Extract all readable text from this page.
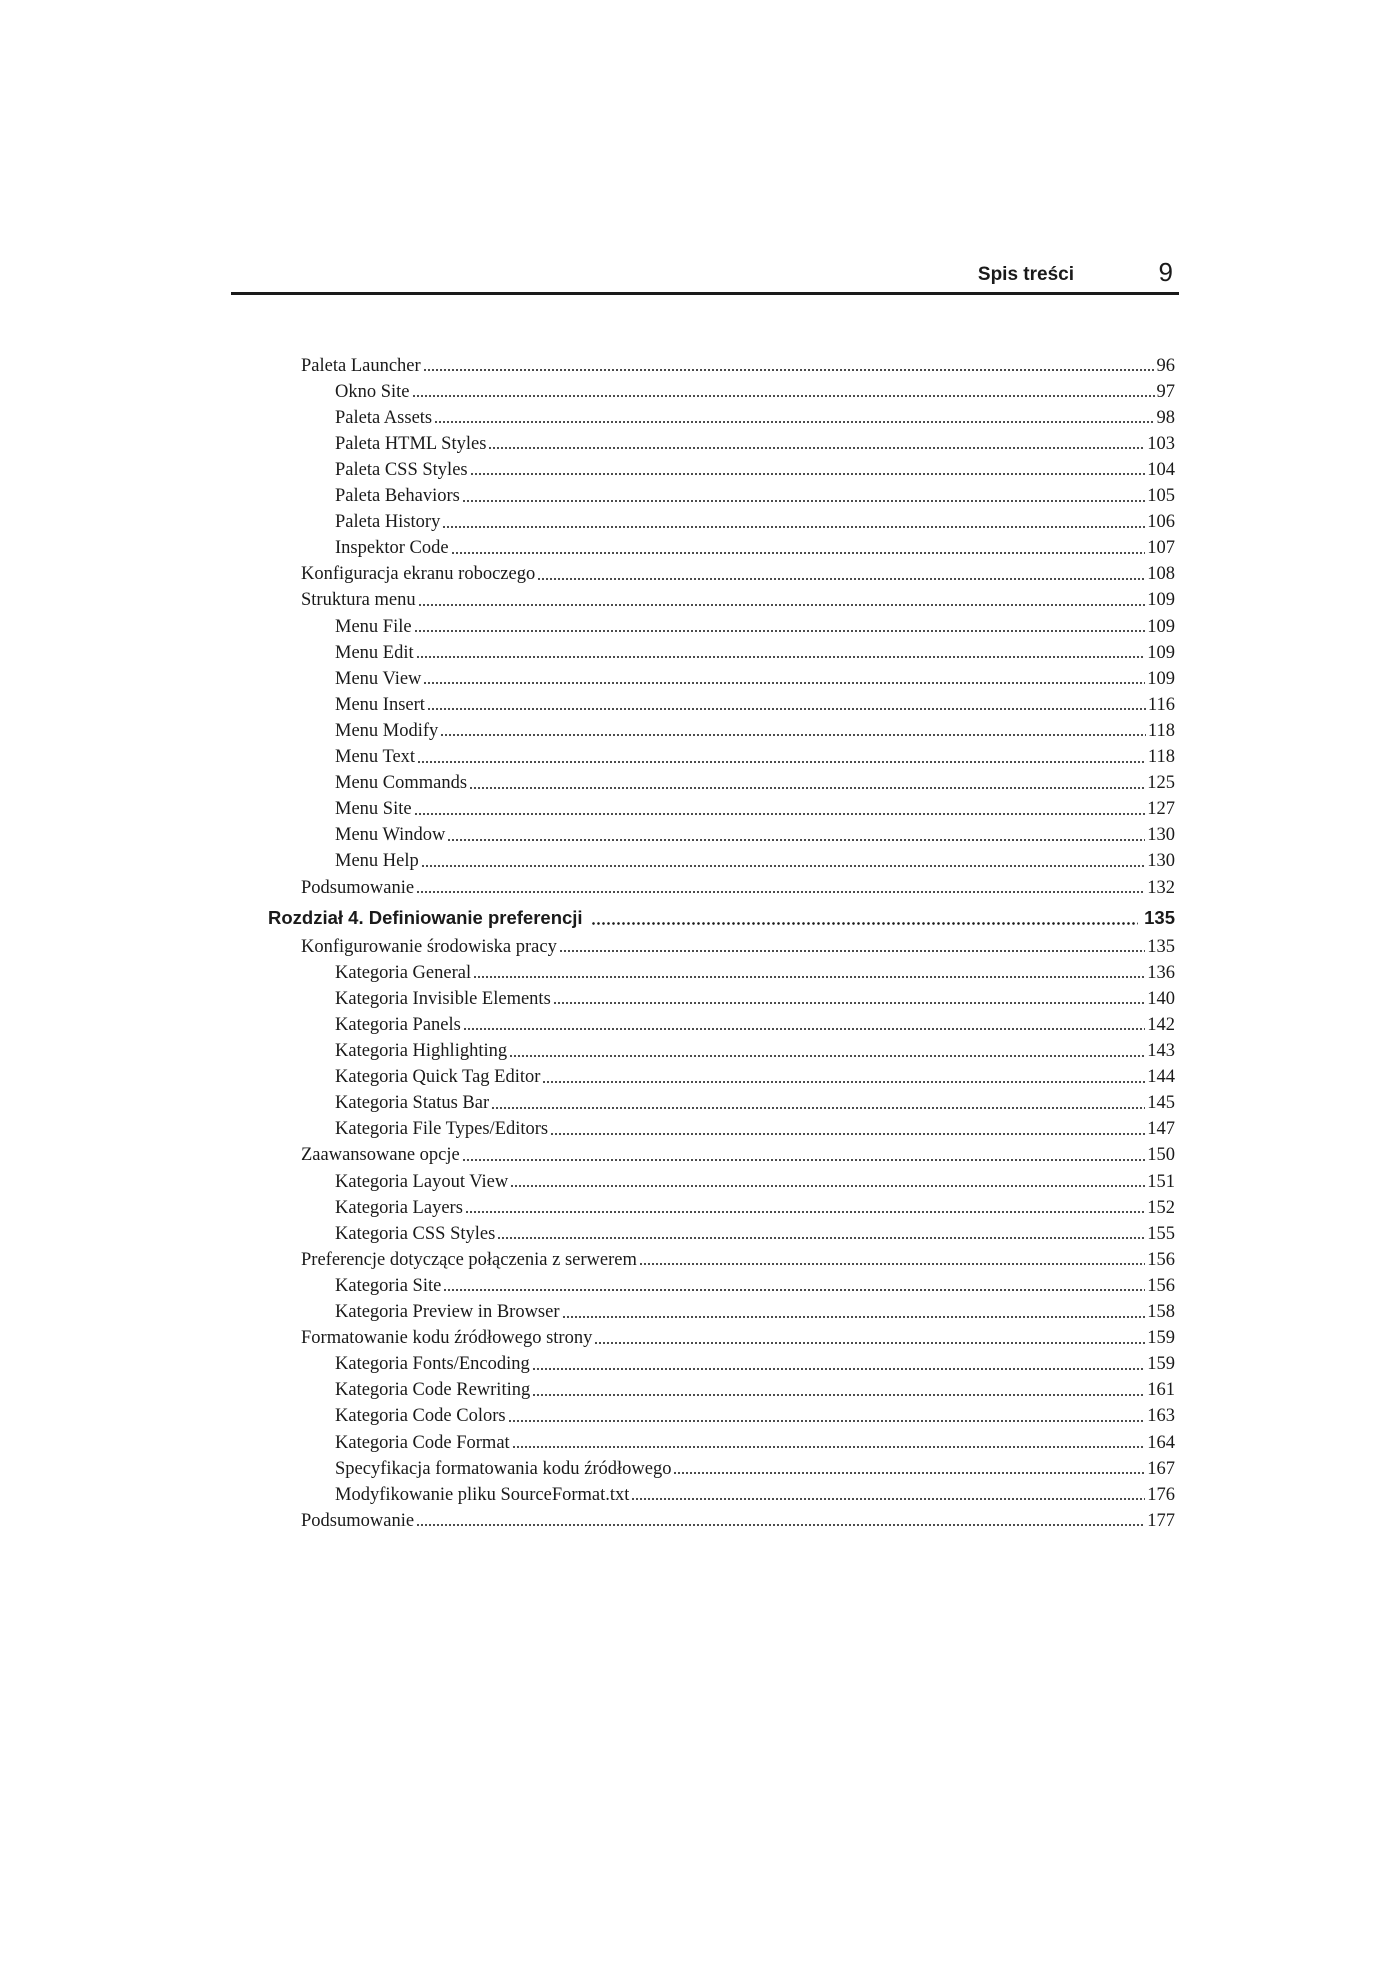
Spis treści	9
Paleta Launcher	96
Okno Site	97
Paleta Assets	98
Paleta HTML Styles	103
Paleta CSS Styles	104
Paleta Behaviors	105
Paleta History	106
Inspektor Code	107
Konfiguracja ekranu roboczego	108
Struktura menu	109
Menu File	109
Menu Edit	109
Menu View	109
Menu Insert	116
Menu Modify	118
Menu Text	118
Menu Commands	125
Menu Site	127
Menu Window	130
Menu Help	130
Podsumowanie	132
Rozdział 4. Definiowanie preferencji	135
Konfigurowanie środowiska pracy	135
Kategoria General	136
Kategoria Invisible Elements	140
Kategoria Panels	142
Kategoria Highlighting	143
Kategoria Quick Tag Editor	144
Kategoria Status Bar	145
Kategoria File Types/Editors	147
Zaawansowane opcje	150
Kategoria Layout View	151
Kategoria Layers	152
Kategoria CSS Styles	155
Preferencje dotyczące połączenia z serwerem	156
Kategoria Site	156
Kategoria Preview in Browser	158
Formatowanie kodu źródłowego strony	159
Kategoria Fonts/Encoding	159
Kategoria Code Rewriting	161
Kategoria Code Colors	163
Kategoria Code Format	164
Specyfikacja formatowania kodu źródłowego	167
Modyfikowanie pliku SourceFormat.txt	176
Podsumowanie	177
